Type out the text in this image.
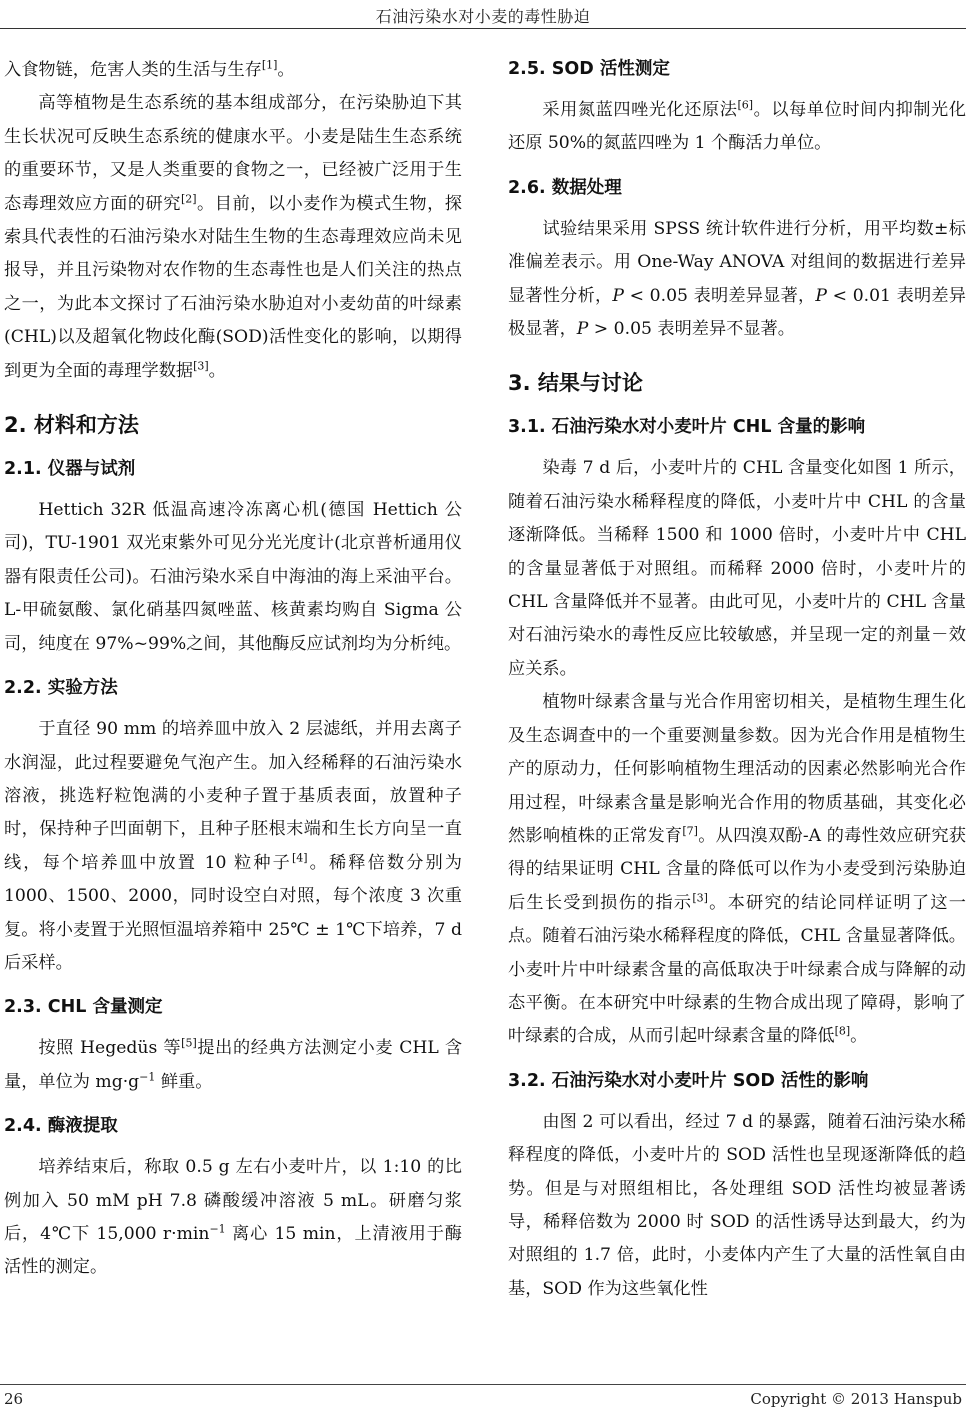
石油污染水对小麦的毒性胁迫

入食物链，危害人类的生活与生存[1]。

高等植物是生态系统的基本组成部分，在污染胁迫下其生长状况可反映生态系统的健康水平。小麦是陆生生态系统的重要环节，又是人类重要的食物之一，已经被广泛用于生态毒理效应方面的研究[2]。目前，以小麦作为模式生物，探索具代表性的石油污染水对陆生生物的生态毒理效应尚未见报导，并且污染物对农作物的生态毒性也是人们关注的热点之一，为此本文探讨了石油污染水胁迫对小麦幼苗的叶绿素(CHL)以及超氧化物歧化酶(SOD)活性变化的影响，以期得到更为全面的毒理学数据[3]。

2. 材料和方法
2.1. 仪器与试剂

Hettich 32R 低温高速冷冻离心机(德国 Hettich 公司)，TU-1901 双光束紫外可见分光光度计(北京普析通用仪器有限责任公司)。石油污染水采自中海油的海上采油平台。L-甲硫氨酸、氯化硝基四氮唑蓝、核黄素均购自 Sigma 公司，纯度在 97%~99%之间，其他酶反应试剂均为分析纯。

2.2. 实验方法

于直径 90 mm 的培养皿中放入 2 层滤纸，并用去离子水润湿，此过程要避免气泡产生。加入经稀释的石油污染水溶液，挑选籽粒饱满的小麦种子置于基质表面，放置种子时，保持种子凹面朝下，且种子胚根末端和生长方向呈一直线，每个培养皿中放置 10 粒种子[4]。稀释倍数分别为 1000、1500、2000，同时设空白对照，每个浓度 3 次重复。将小麦置于光照恒温培养箱中 25℃ ± 1℃下培养，7 d 后采样。

2.3. CHL 含量测定

按照 Hegedüs 等[5]提出的经典方法测定小麦 CHL 含量，单位为 $mg\cdot g^{-1}$ 鲜重。

2.4. 酶液提取

培养结束后，称取 0.5 g 左右小麦叶片，以 1:10 的比例加入 50 mM pH 7.8 磷酸缓冲溶液 5 mL。研磨匀浆后，4℃下 15,000 $r\cdot\min^{-1}$ 离心 15 min，上清液用于酶活性的测定。

2.5. SOD 活性测定

采用氮蓝四唑光化还原法[6]。以每单位时间内抑制光化还原 50%的氮蓝四唑为 1 个酶活力单位。

2.6. 数据处理

试验结果采用 SPSS 统计软件进行分析，用平均数±标准偏差表示。用 One-Way ANOVA 对组间的数据进行差异显著性分析，P < 0.05 表明差异显著，P < 0.01 表明差异极显著，P > 0.05 表明差异不显著。

3. 结果与讨论
3.1. 石油污染水对小麦叶片 CHL 含量的影响

染毒 7 d 后，小麦叶片的 CHL 含量变化如图 1 所示，随着石油污染水稀释程度的降低，小麦叶片中 CHL 的含量逐渐降低。当稀释 1500 和 1000 倍时，小麦叶片中 CHL 的含量显著低于对照组。而稀释 2000 倍时，小麦叶片的 CHL 含量降低并不显著。由此可见，小麦叶片的 CHL 含量对石油污染水的毒性反应比较敏感，并呈现一定的剂量－效应关系。

植物叶绿素含量与光合作用密切相关，是植物生理生化及生态调查中的一个重要测量参数。因为光合作用是植物生产的原动力，任何影响植物生理活动的因素必然影响光合作用过程，叶绿素含量是影响光合作用的物质基础，其变化必然影响植株的正常发育[7]。从四溴双酚-A 的毒性效应研究获得的结果证明 CHL 含量的降低可以作为小麦受到污染胁迫后生长受到损伤的指示[3]。本研究的结论同样证明了这一点。随着石油污染水稀释程度的降低，CHL 含量显著降低。小麦叶片中叶绿素含量的高低取决于叶绿素合成与降解的动态平衡。在本研究中叶绿素的生物合成出现了障碍，影响了叶绿素的合成，从而引起叶绿素含量的降低[8]。

3.2. 石油污染水对小麦叶片 SOD 活性的影响

由图 2 可以看出，经过 7 d 的暴露，随着石油污染水稀释程度的降低，小麦叶片的 SOD 活性也呈现逐渐降低的趋势。但是与对照组相比，各处理组 SOD 活性均被显著诱导，稀释倍数为 2000 时 SOD 的活性诱导达到最大，约为对照组的 1.7 倍，此时，小麦体内产生了大量的活性氧自由基，SOD 作为这些氧化性

26	Copyright © 2013 Hanspub
